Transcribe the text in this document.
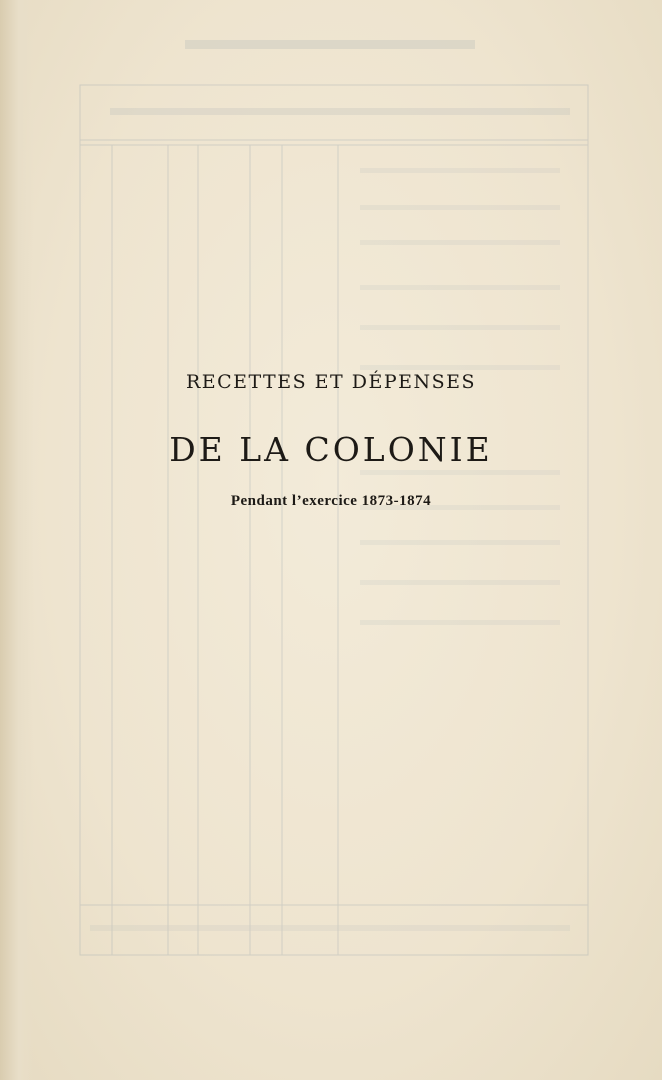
RECETTES ET DÉPENSES
DE LA COLONIE
Pendant l’exercice 1873-1874
